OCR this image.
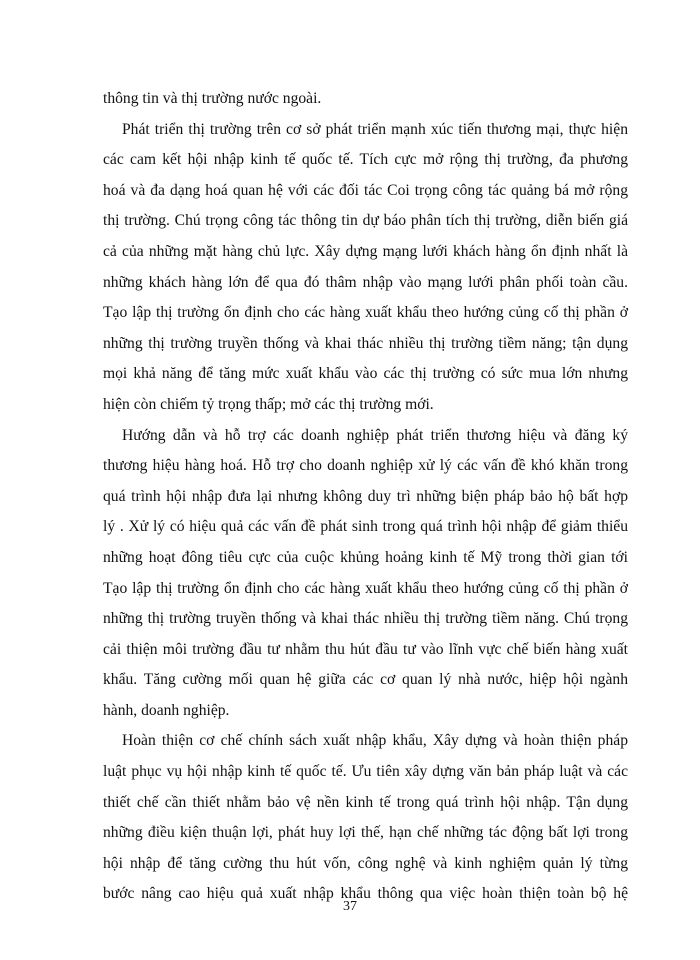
thông tin và thị trường nước ngoài.
Phát triển thị trường trên cơ sở phát triển mạnh xúc tiến thương mại, thực hiện
các cam kết hội nhập kinh tế quốc tế. Tích cực mở rộng thị trường, đa phương
hoá và đa dạng hoá quan hệ với các đối tác Coi trọng công tác quảng bá mở rộng
thị trường. Chú trọng công tác thông tin dự báo phân tích thị trường, diễn biến giá
cả của những mặt hàng chủ lực. Xây dựng mạng lưới khách hàng ổn định nhất là
những khách hàng lớn để qua đó thâm nhập vào mạng lưới phân phối toàn cầu.
Tạo lập thị trường ổn định cho các hàng xuất khẩu theo hướng củng cố thị phần ở
những thị trường truyền thống và khai thác nhiều thị trường tiềm năng; tận dụng
mọi khả năng để tăng mức xuất khẩu vào các thị trường có sức mua lớn nhưng
hiện còn chiếm tỷ trọng thấp; mở các thị trường mới.
Hướng dẫn và hỗ trợ các doanh nghiệp phát triển thương hiệu và đăng ký
thương hiệu hàng hoá. Hỗ trợ cho doanh nghiệp xử lý các vấn đề khó khăn trong
quá trình hội nhập đưa lại nhưng không duy trì những biện pháp bảo hộ bất hợp
lý . Xử lý có hiệu quả các vấn đề phát sinh trong quá trình hội nhập để giảm thiểu
những hoạt đông tiêu cực của cuộc khủng hoảng kinh tế Mỹ trong thời gian tới
Tạo lập thị trường ổn định cho các hàng xuất khẩu theo hướng củng cố thị phần ở
những thị trường truyền thống và khai thác nhiều thị trường tiềm năng. Chú trọng
cải thiện môi trường đầu tư nhằm thu hút đầu tư vào lĩnh vực chế biến hàng xuất
khẩu. Tăng cường mối quan hệ giữa các cơ quan lý nhà nước, hiệp hội ngành
hành, doanh nghiệp.
Hoàn thiện cơ chế chính sách xuất nhập khẩu, Xây dựng và hoàn thiện pháp
luật phục vụ hội nhập kinh tế quốc tế. Ưu tiên xây dựng văn bản pháp luật và các
thiết chế cần thiết nhằm bảo vệ nền kinh tế trong quá trình hội nhập. Tận dụng
những điều kiện thuận lợi, phát huy lợi thế, hạn chế những tác động bất lợi trong
hội nhập để tăng cường thu hút vốn, công nghệ và kinh nghiệm quản lý từng
bước nâng cao hiệu quả xuất nhập khẩu thông qua việc hoàn thiện toàn bộ hệ
37
